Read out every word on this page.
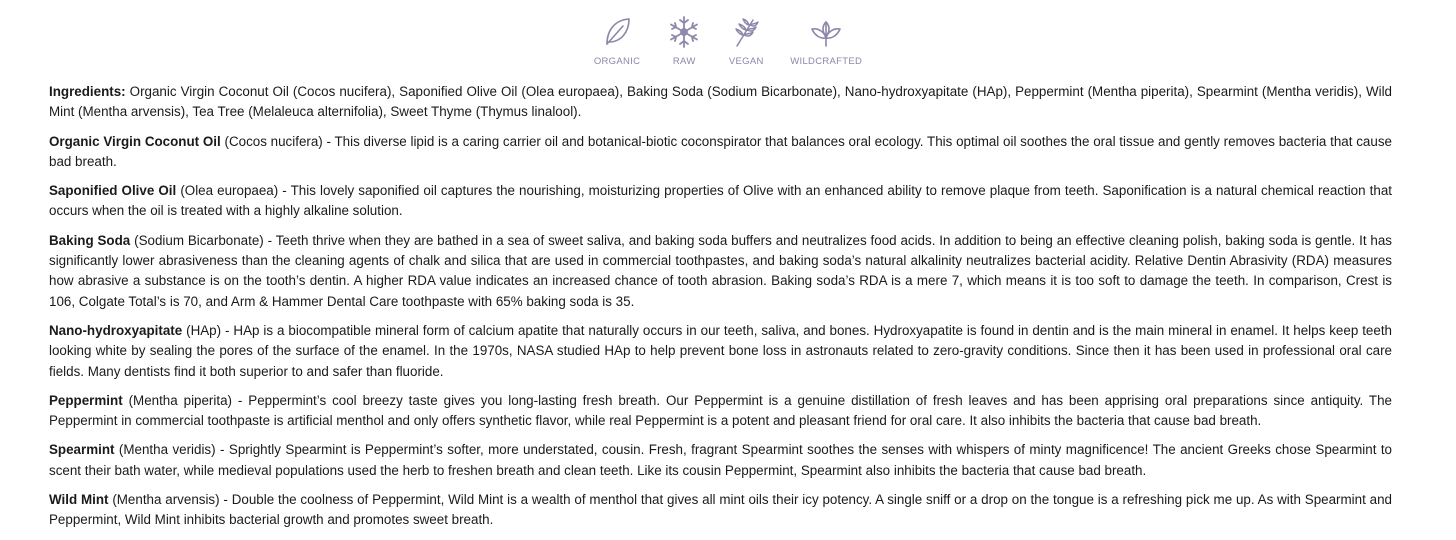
ORGANIC	RAW	VEGAN	WILDCRAFTED

Ingredients: Organic Virgin Coconut Oil (Cocos nucifera), Saponified Olive Oil (Olea europaea), Baking Soda (Sodium Bicarbonate), Nano-hydroxyapitate (HAp), Peppermint (Mentha piperita), Spearmint (Mentha veridis), Wild Mint (Mentha arvensis), Tea Tree (Melaleuca alternifolia), Sweet Thyme (Thymus linalool).

Organic Virgin Coconut Oil (Cocos nucifera) - This diverse lipid is a caring carrier oil and botanical-biotic coconspirator that balances oral ecology. This optimal oil soothes the oral tissue and gently removes bacteria that cause bad breath.

Saponified Olive Oil (Olea europaea) - This lovely saponified oil captures the nourishing, moisturizing properties of Olive with an enhanced ability to remove plaque from teeth. Saponification is a natural chemical reaction that occurs when the oil is treated with a highly alkaline solution.

Baking Soda (Sodium Bicarbonate) - Teeth thrive when they are bathed in a sea of sweet saliva, and baking soda buffers and neutralizes food acids. In addition to being an effective cleaning polish, baking soda is gentle. It has significantly lower abrasiveness than the cleaning agents of chalk and silica that are used in commercial toothpastes, and baking soda’s natural alkalinity neutralizes bacterial acidity. Relative Dentin Abrasivity (RDA) measures how abrasive a substance is on the tooth’s dentin. A higher RDA value indicates an increased chance of tooth abrasion. Baking soda’s RDA is a mere 7, which means it is too soft to damage the teeth. In comparison, Crest is 106, Colgate Total’s is 70, and Arm & Hammer Dental Care toothpaste with 65% baking soda is 35.

Nano-hydroxyapitate (HAp) - HAp is a biocompatible mineral form of calcium apatite that naturally occurs in our teeth, saliva, and bones. Hydroxyapatite is found in dentin and is the main mineral in enamel. It helps keep teeth looking white by sealing the pores of the surface of the enamel. In the 1970s, NASA studied HAp to help prevent bone loss in astronauts related to zero-gravity conditions. Since then it has been used in professional oral care fields. Many dentists find it both superior to and safer than fluoride.

Peppermint (Mentha piperita) - Peppermint’s cool breezy taste gives you long-lasting fresh breath. Our Peppermint is a genuine distillation of fresh leaves and has been apprising oral preparations since antiquity. The Peppermint in commercial toothpaste is artificial menthol and only offers synthetic flavor, while real Peppermint is a potent and pleasant friend for oral care. It also inhibits the bacteria that cause bad breath.

Spearmint (Mentha veridis) - Sprightly Spearmint is Peppermint’s softer, more understated, cousin. Fresh, fragrant Spearmint soothes the senses with whispers of minty magnificence! The ancient Greeks chose Spearmint to scent their bath water, while medieval populations used the herb to freshen breath and clean teeth. Like its cousin Peppermint, Spearmint also inhibits the bacteria that cause bad breath.

Wild Mint (Mentha arvensis) - Double the coolness of Peppermint, Wild Mint is a wealth of menthol that gives all mint oils their icy potency. A single sniff or a drop on the tongue is a refreshing pick me up. As with Spearmint and Peppermint, Wild Mint inhibits bacterial growth and promotes sweet breath.
